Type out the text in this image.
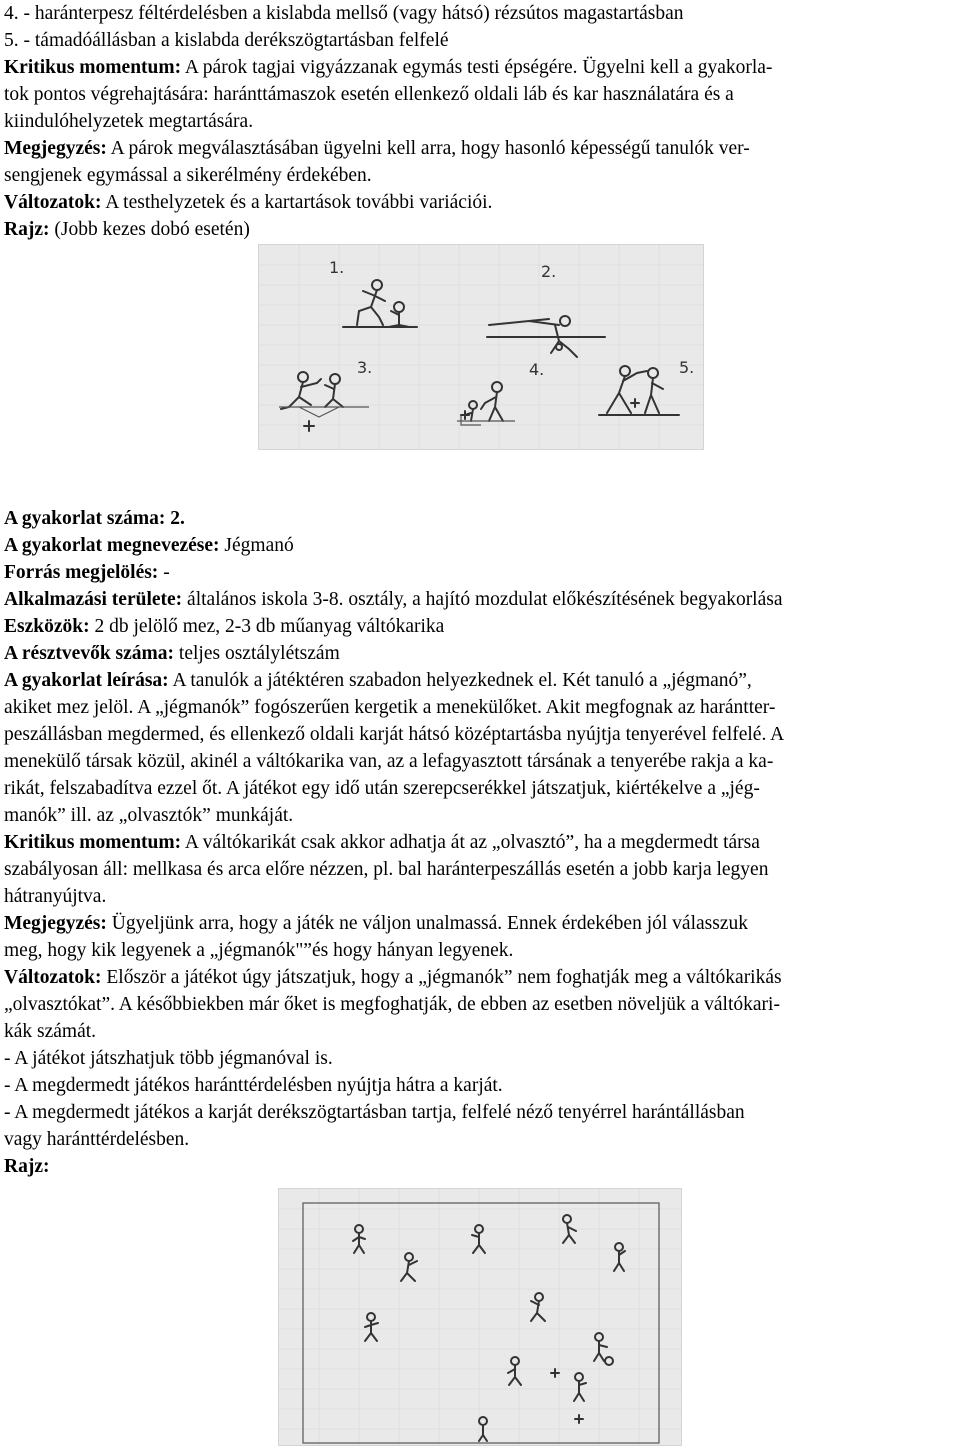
4. - haránterpesz féltérdelésben a kislabda mellső (vagy hátsó) rézsútos magastartásban
5. - támadóállásban a kislabda derékszögtartásban felfelé
Kritikus momentum: A párok tagjai vigyázzanak egymás testi épségére. Ügyelni kell a gyakorla-
tok pontos végrehajtására: haránttámaszok esetén ellenkező oldali láb és kar használatára és a
kiindulóhelyzetek megtartására.
Megjegyzés: A párok megválasztásában ügyelni kell arra, hogy hasonló képességű tanulók ver-
sengjenek egymással a sikerélmény érdekében.
Változatok: A testhelyzetek és a kartartások további variációi.
Rajz: (Jobb kezes dobó esetén)
1.	2.
3.	4.	5.
A gyakorlat száma: 2.
A gyakorlat megnevezése: Jégmanó
Forrás megjelölés: -
Alkalmazási területe: általános iskola 3-8. osztály, a hajító mozdulat előkészítésének begyakorlása
Eszközök: 2 db jelölő mez, 2-3 db műanyag váltókarika
A résztvevők száma: teljes osztálylétszám
A gyakorlat leírása: A tanulók a játéktéren szabadon helyezkednek el. Két tanuló a „jégmanó”,
akiket mez jelöl. A „jégmanók” fogószerűen kergetik a menekülőket. Akit megfognak az harántter-
peszállásban megdermed, és ellenkező oldali karját hátsó középtartásba nyújtja tenyerével felfelé. A
menekülő társak közül, akinél a váltókarika van, az a lefagyasztott társának a tenyerébe rakja a ka-
rikát, felszabadítva ezzel őt. A játékot egy idő után szerepcserékkel játszatjuk, kiértékelve a „jég-
manók” ill. az „olvasztók” munkáját.
Kritikus momentum: A váltókarikát csak akkor adhatja át az „olvasztó”, ha a megdermedt társa
szabályosan áll: mellkasa és arca előre nézzen, pl. bal haránterpeszállás esetén a jobb karja legyen
hátranyújtva.
Megjegyzés: Ügyeljünk arra, hogy a játék ne váljon unalmassá. Ennek érdekében jól válasszuk
meg, hogy kik legyenek a „jégmanók"”és hogy hányan legyenek.
Változatok: Először a játékot úgy játszatjuk, hogy a „jégmanók” nem foghatják meg a váltókarikás
„olvasztókat”. A későbbiekben már őket is megfoghatják, de ebben az esetben növeljük a váltókari-
kák számát.
- A játékot játszhatjuk több jégmanóval is.
- A megdermedt játékos haránttérdelésben nyújtja hátra a karját.
- A megdermedt játékos a karját derékszögtartásban tartja, felfelé néző tenyérrel harántállásban
vagy haránttérdelésben.
Rajz:
